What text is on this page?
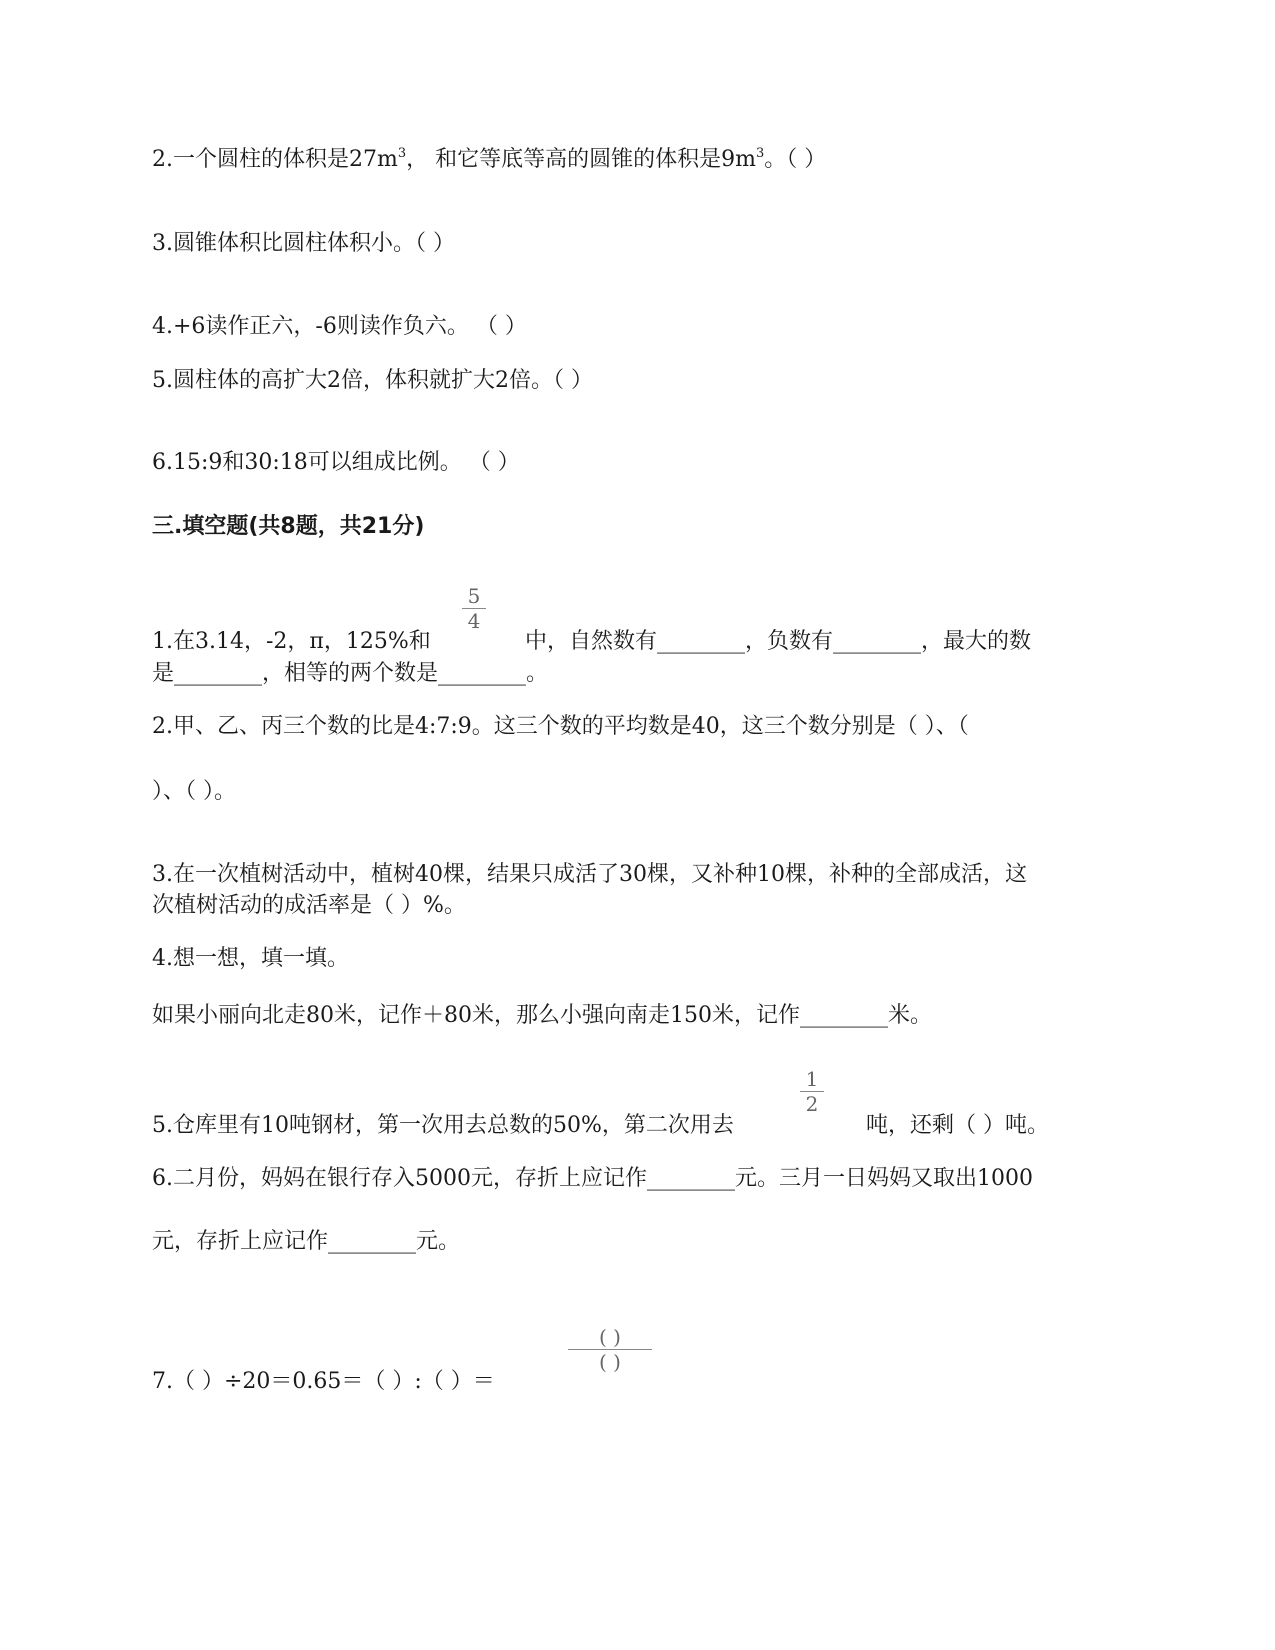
2.一个圆柱的体积是$27m^3$， 和它等底等高的圆锥的体积是$9m^3$。（ ）
3.圆锥体积比圆柱体积小。（ ）
4.+6读作正六，-6则读作负六。 （ ）
5.圆柱体的高扩大2倍，体积就扩大2倍。（ ）
6.15:9和30:18可以组成比例。 （ ）
三.填空题(共8题，共21分)
1.在3.14，-2，π，125%和
5
4
中，自然数有________，负数有________，最大的数
是________，相等的两个数是________。
2.甲、乙、丙三个数的比是4:7:9。这三个数的平均数是40，这三个数分别是（ ）、（
）、（ ）。
3.在一次植树活动中，植树40棵，结果只成活了30棵，又补种10棵，补种的全部成活，这
次植树活动的成活率是（ ）%。
4.想一想，填一填。
如果小丽向北走80米，记作＋80米，那么小强向南走150米，记作________米。
5.仓库里有10吨钢材，第一次用去总数的50%，第二次用去
1
2
吨，还剩（ ）吨。
6.二月份，妈妈在银行存入5000元，存折上应记作________元。三月一日妈妈又取出1000
元，存折上应记作________元。
7.（ ）÷20＝0.65＝（ ）:（ ）＝
( )
( )
